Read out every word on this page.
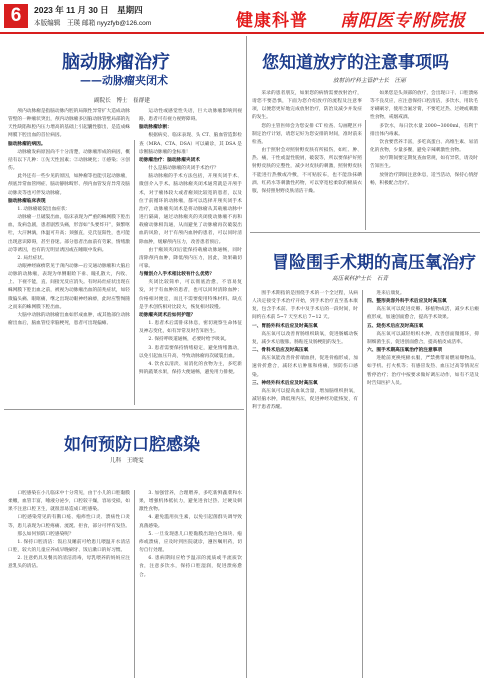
6	2023 年 11 月 30 日　星期四
本版编辑　王瑛 邮箱 nyyzfyb@126.com	健康科普 南阳医专附院报
脑动脉瘤治疗
——动脉瘤夹闭术
副院长　博士　崔群建

颅内动脉瘤是指脑动脉内腔的局限性异常扩大造成动脉管壁的一种瘤状突出，颅内动脉瘤多因脑动脉管壁局部的先天性缺陷和腔内压力增高的基础上引起囊性膨出，是造成蛛网膜下腔出血的首位病因。

脑动脉瘤的病因。

动脉瘤发病原因尚不十分清楚，动脉瘤形成的病因，概括有以下几种：①先天性因素；②动脉硬化；③感染；④创伤。

此外还有一些少见的原因，如肿瘤等也能引起动脉瘤，颅底异常血管网症、脑动静脉畸形、颅内血管发育异常及脑动脉炎等也可伴发动脉瘤。

脑动脉瘤临床表现

1. 动脉瘤破裂出血症状：

动脉瘤一旦破裂出血，临床表现为严重的蛛网膜下腔出血，发病急剧，患者剧烈头痛，形容如“头要炸开”，频繁呕吐，大汗淋漓，体温可升高；颈强直，克氏征阳性，也可能出现意识障碍，甚至昏迷。部分患者出血前有劳累，情绪激动等诱因，也有的无明显诱因或在睡眠中发病。

2. 局灶症状。

动眼神经麻痹常见于颈内动脉—后交通动脉瘤和大脑后动脉的动脉瘤，表现为单侧眼睑下垂、瞳孔散大，内收、上、下视不能，直、间接光反应消失。有时局灶症状出现在蛛网膜下腔出血之前，被视为动脉瘤出血的前兆症状，如轻微偏头痛、眼眶痛，继之出现动眼神经麻痹，此时应警惕随之而来的蛛网膜下腔出血。

大脑中动脉的动脉瘤出血如形成血肿，或其他部位动脉瘤出血后，脑血管痉挛脑梗死，患者可出现偏瘫、

运动性或感觉性失语，巨大动脉瘤影响到视路，患者可有视力视野障碍。

脑动脉瘤诊断：

根据病史、临床表现、头 CT、脑血管造影检查（MRA、CTA、DSA）可以确诊，其 DSA 是诊断脑动脉瘤的金标准！

动脉瘤治疗：脑动脉瘤夹闭术

什么是脑动脉瘤的夹闭手术治疗？

脑动脉瘤的手术方法包括，开颅夹闭手术、微创介入手术。脑动脉瘤夹闭术通常就是开颅手术，对于瘤体较大或者瘤颈比较宽的患者，以及位于前循环的动脉瘤，都可以选择开颅夹闭手术治疗，动脉瘤夹闭术是将动脉瘤从其载瘤动脉中进行隔离，通过动脉瘤夹的夹闭使动脉瘤不再和载瘤动脉相沟通，从而避免了动脉瘤再次破裂出血的风险，对于有颅内血肿的患者，可以同时清除血肿，缓解颅内压力，改善患者预后。

由于瘤颈夹闭后能保持载瘤动脉通畅，同时清除颅内血肿，降低颅内压力，因此，效果确切可靠。

与微创介入手术相比较有什么优势？

夹闭比较简单，可以彻底治愈，不容易复发，对于有血肿的患者，也可以同时清除血肿；价格相对便宜，而且不需要使用特殊材料。缺点是手术创伤相对比较大，恢复相对较慢。

动脉瘤夹闭术后如何护理？

1. 患者术后需卧床休息，密切观察生命体征及神志变化，如有异常及时告知医生。

2. 保持呼吸道通畅，必要时给予吸氧。

3. 患者需要保持情绪稳定，避免情绪激动，以免引起血压升高，导致动脉瘤再次破裂出血。

4. 饮食以清淡、易消化的食物为主，多吃新鲜的蔬菜水果，保持大便通畅，避免用力排便。

您知道放疗的注意事项吗
放射治疗科主管护士长　汪丽

采录的患者朋友，如果您的病情需要放射治疗，请您不要恐惧，下面为您介绍放疗的流程及注意事项，以便您更好地完成放射治疗，防治及减少并发症的发生。

您的主管医师会为您安排 CT 检查、勾画靶区并制定治疗计划，请您记好为您安排的时间，准时前来检查。

由于照射会对照射野皮肤有所损伤，如红、肿、热、痛，干性或湿性脱屑，破裂等，所以要保护好照射野皮肤的完整性，减少对皮肤的刺激，照射野皮肤不能进行热敷或冷敷，不可贴胶布，也不能涂抹碘酒、红药水等刺激性药物，可以穿宽松柔软的棉质衣服，保持照射野皮肤清洁干燥。

如果您是头颈部的放疗，会出现口干、口腔溃疡等不良反应，应注意保持口腔清洁，多饮水，用软毛牙刷刷牙，使用含氟牙膏，不要吃过热、过硬或刺激性食物，戒烟戒酒。

多饮水，每日饮水量 2000~3000ml，有利于排出体内毒素。

饮食要营养丰富，多吃高蛋白、高维生素、易消化的食物，少量多餐，避免辛辣刺激性食物。

放疗期间要定期复查血常规，如有异常，请及时告知医生。

放射治疗期间注意休息，适当活动，保持心情舒畅，积极配合治疗。

冒险围手术期的高压氧治疗
高压氧科护士长　石青

围手术期指的是围绕手术的一个全过程，从病人决定接受手术治疗开始，到手术治疗直至基本康复，包含手术前、手术中及手术后的一段时间，时间约在术前 5~7 天至术后 7~12 天。

一、胃肠外科术后应及时高压氧

高压氧可以改善胃肠组织缺氧，促进肠蠕动恢复，减少术后腹胀、肠粘连及肠梗阻的发生。

二、骨科术后应及时高压氧

高压氧能改善骨折端血供，促进骨痂形成，加速骨折愈合，减轻术后肿胀和疼痛，预防伤口感染。

三、神经外科术后应及时高压氧

高压氧可以提高血氧含量，增加脑组织供氧，减轻脑水肿，降低颅内压，促进神经功能恢复，有利于患者苏醒。

进来后康复。

四、整形美容外科手术后应及时高压氧

高压氧可以促进皮瓣、移植物成活，减少术后瘢痕形成，加速创面愈合，提高手术效果。

五、烧伤术后应及时高压氧

高压氧可以减轻组织水肿，改善创面微循环，抑制细菌生长，促进创面愈合，提高植皮成活率。

六、围手术期高压氧治疗的注意事项

进舱前更换纯棉衣服，严禁携带易燃易爆物品，如手机、打火机等；有感冒发热、血压过高等情况应暂停治疗；治疗中按要求做好调压动作，如有不适及时告知医护人员。

如何预防口腔感染
儿科　王晓雯

口腔感染在小儿临床中十分常见，由于小儿的口腔黏膜柔嫩，血管丰富，唾液分泌少，口腔较干燥，容易受损，如果不注意口腔卫生，就很容易造成口腔感染。

口腔感染常见的有鹅口疮、疱疹性口炎、溃疡性口炎等，患儿表现为口腔疼痛、流涎、拒食，部分可伴有发热。

那么如何预防口腔感染呢？

1. 保持口腔清洁：饭后及睡前可给患儿喂温开水清洁口腔，较大的儿童应养成早晚刷牙、饭后漱口的好习惯。

2. 注意奶具及餐具的清洁消毒，母乳喂养的妈妈应注意乳头的清洁。

3. 加强营养，合理喂养，多吃新鲜蔬菜和水果，增强机体抵抗力，避免进食过热、过硬及刺激性食物。

4. 避免滥用抗生素，以免引起菌群失调导致真菌感染。

5. 一旦发现患儿口腔黏膜出现白色斑块、疱疹或溃疡，应及时到医院就诊，遵医嘱用药，切勿自行处理。

6. 患病期间应给予温凉的流质或半流质饮食，注意多饮水，保持口腔湿润，促进溃疡愈合。
